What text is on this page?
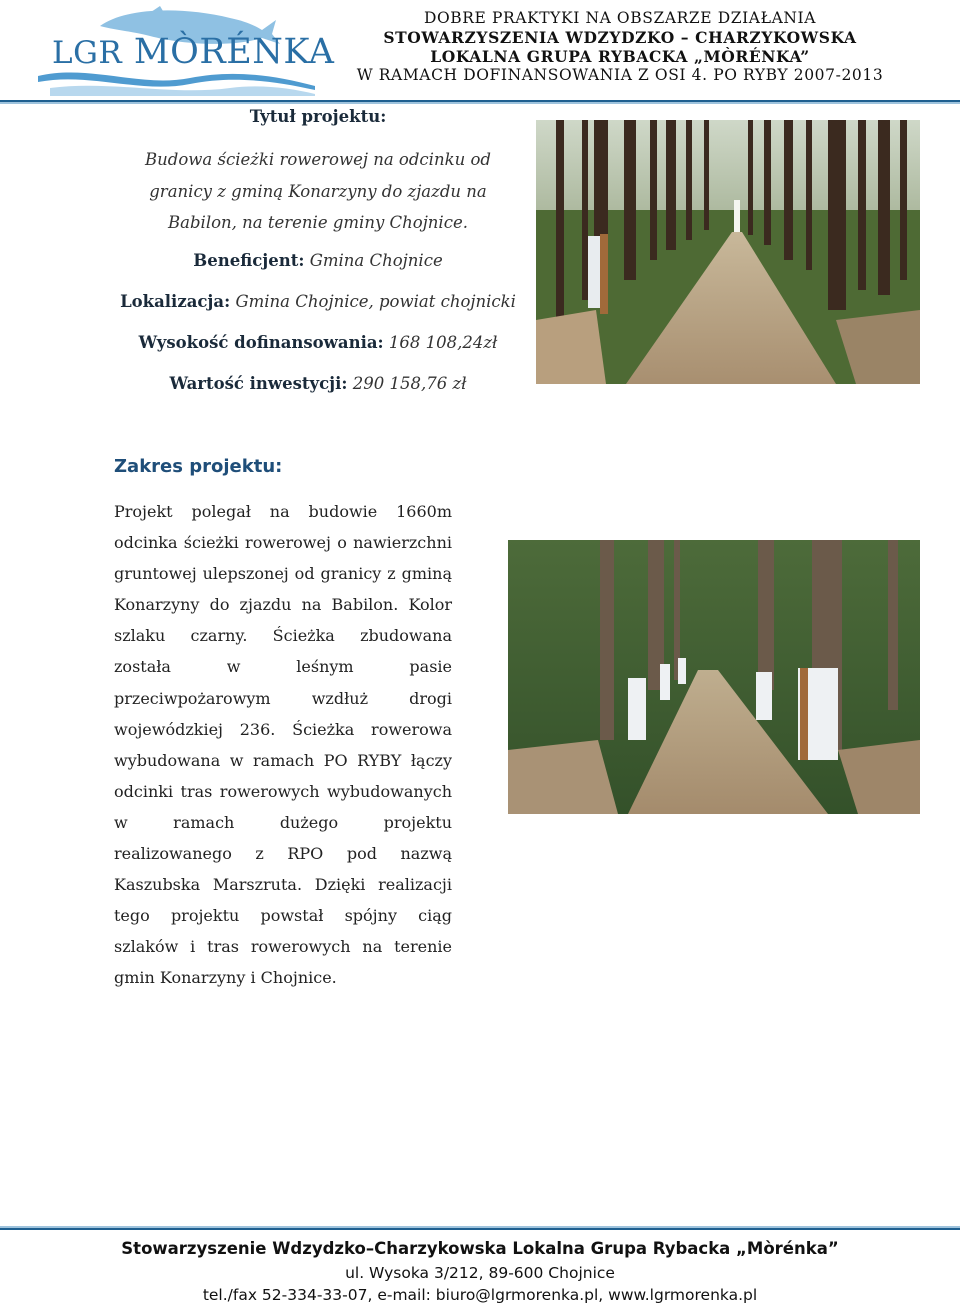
LGR MÒRÉNKA
DOBRE PRAKTYKI NA OBSZARZE DZIAŁANIA
STOWARZYSZENIA WDZYDZKO – CHARZYKOWSKA
LOKALNA GRUPA RYBACKA „MÒRÉNKA”
W RAMACH DOFINANSOWANIA Z OSI 4. PO RYBY 2007-2013
Tytuł projektu:
Budowa ścieżki rowerowej na odcinku od granicy z gminą Konarzyny do zjazdu na Babilon, na terenie gminy Chojnice.
Beneficjent: Gmina Chojnice
Lokalizacja: Gmina Chojnice, powiat chojnicki
Wysokość dofinansowania: 168 108,24zł
Wartość inwestycji: 290 158,76 zł
Zakres projektu:
Projekt polegał na budowie 1660m odcinka ścieżki rowerowej o nawierzchni gruntowej ulepszonej od granicy z gminą Konarzyny do zjazdu na Babilon. Kolor szlaku czarny. Ścieżka zbudowana została w leśnym pasie przeciwpożarowym wzdłuż drogi wojewódzkiej 236. Ścieżka rowerowa wybudowana w ramach PO RYBY łączy odcinki tras rowerowych wybudowanych w ramach dużego projektu realizowanego z RPO pod nazwą Kaszubska Marszruta. Dzięki realizacji tego projektu powstał spójny ciąg szlaków i tras rowerowych na terenie gmin Konarzyny i Chojnice.
Stowarzyszenie Wdzydzko–Charzykowska Lokalna Grupa Rybacka „Mòrénka”
ul. Wysoka 3/212, 89-600 Chojnice
tel./fax 52-334-33-07, e-mail: biuro@lgrmorenka.pl, www.lgrmorenka.pl
